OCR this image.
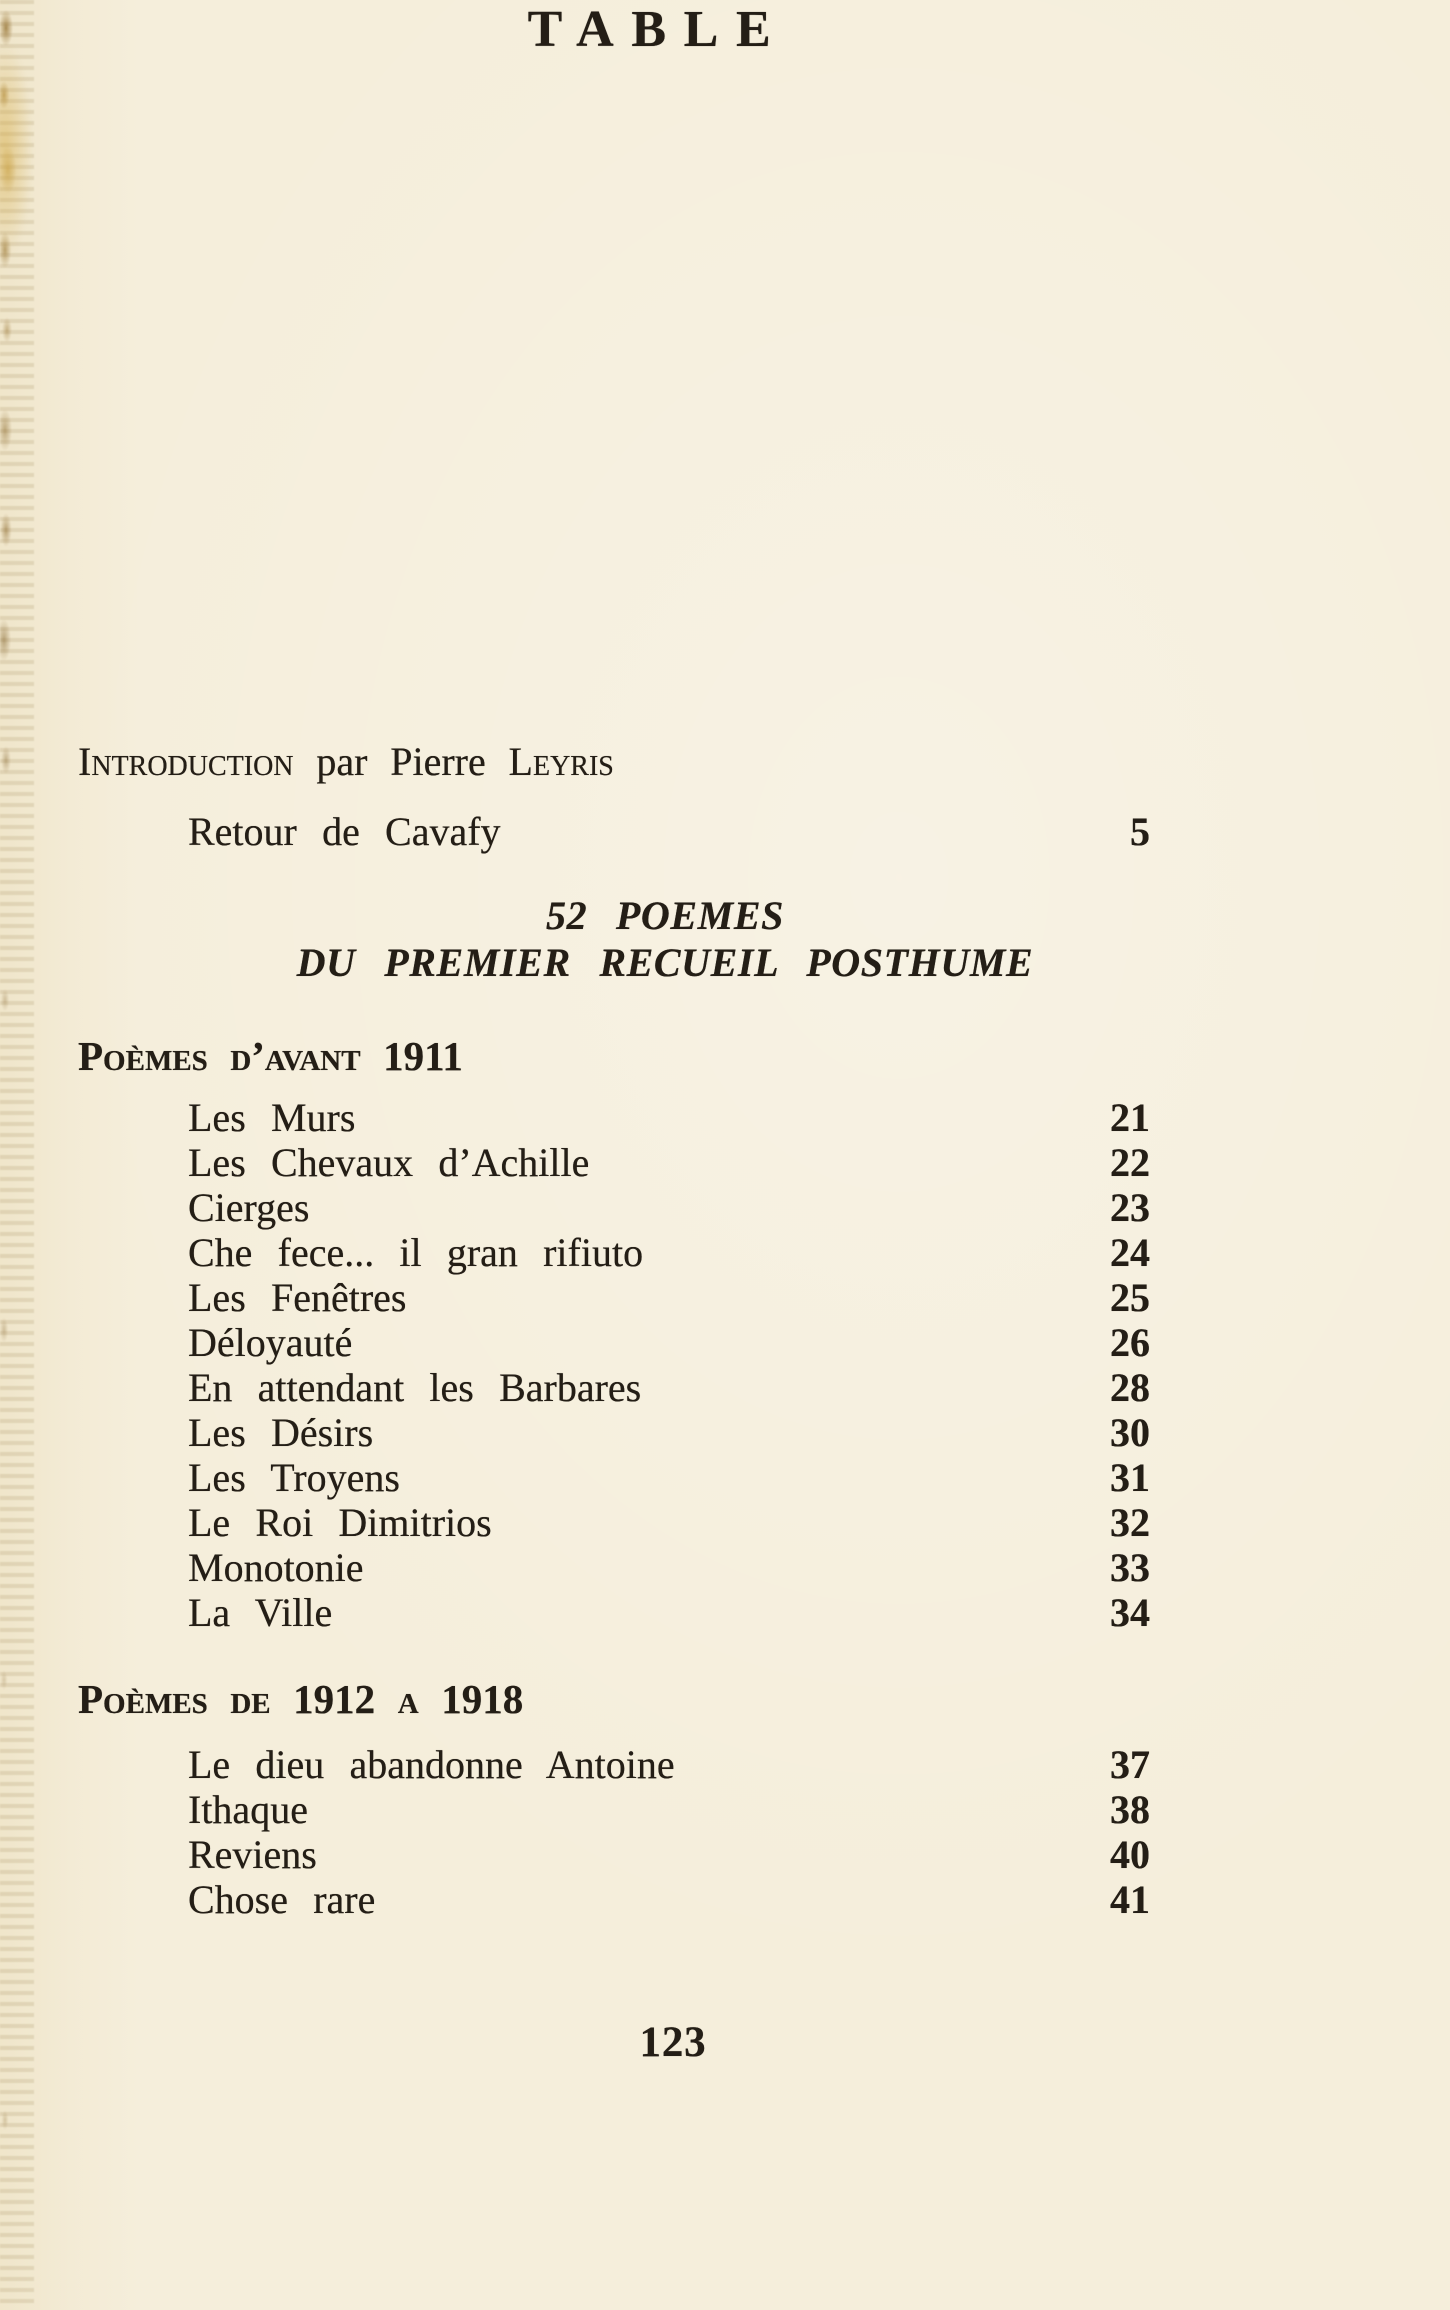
TABLE
Introduction par Pierre Leyris
Retour de Cavafy	5
52 POEMES
DU PREMIER RECUEIL POSTHUME
Poèmes d’avant 1911
Les Murs	21
Les Chevaux d’Achille	22
Cierges	23
Che fece... il gran rifiuto	24
Les Fenêtres	25
Déloyauté	26
En attendant les Barbares	28
Les Désirs	30
Les Troyens	31
Le Roi Dimitrios	32
Monotonie	33
La Ville	34
Poèmes de 1912 a 1918
Le dieu abandonne Antoine	37
Ithaque	38
Reviens	40
Chose rare	41
123
